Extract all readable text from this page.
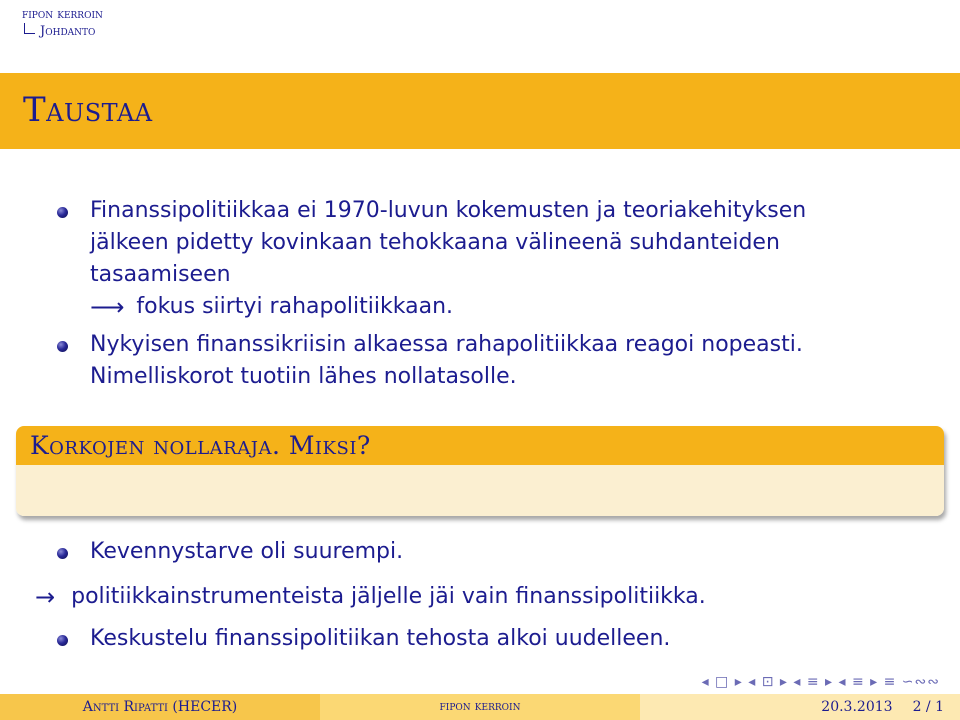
fipon kerroin
Johdanto
Taustaa
Finanssipolitiikkaa ei 1970-luvun kokemusten ja teoriakehityksen
jälkeen pidetty kovinkaan tehokkaana välineenä suhdanteiden
tasaamiseen
⟶ fokus siirtyi rahapolitiikkaan.
Nykyisen finanssikriisin alkaessa rahapolitiikkaa reagoi nopeasti.
Nimelliskorot tuotiin lähes nollatasolle.
Korkojen nollaraja. Miksi?
Kevennystarve oli suurempi.
→ politiikkainstrumenteista jäljelle jäi vain finanssipolitiikka.
Keskustelu finanssipolitiikan tehosta alkoi uudelleen.
◂ □ ▸ ◂ ⊡ ▸ ◂ ≡ ▸ ◂ ≡ ▸ ≡ ∽∾∾
Antti Ripatti (HECER)	fipon kerroin	20.3.2013 2 / 1
